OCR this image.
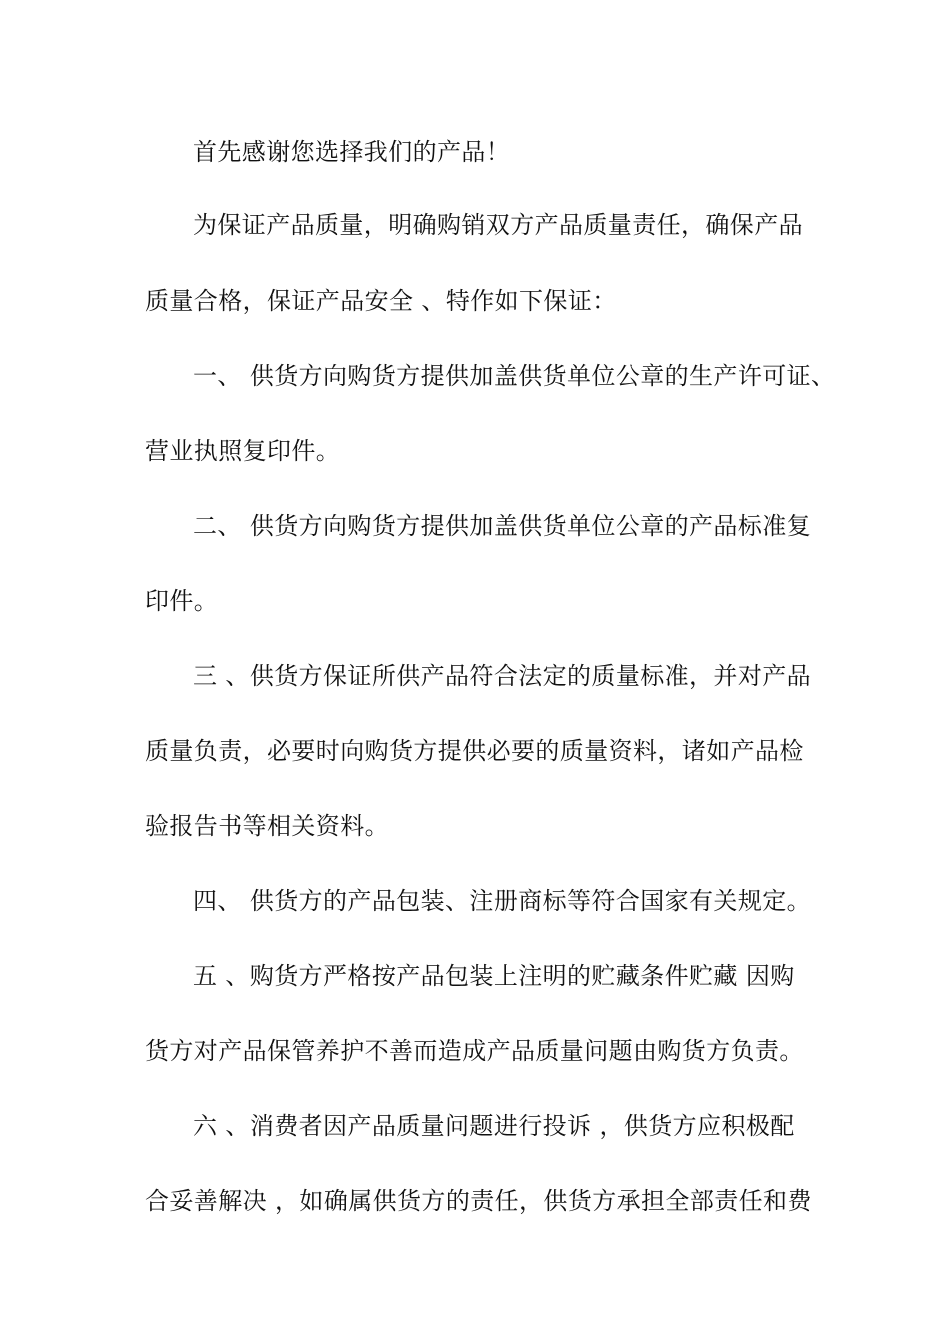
首先感谢您选择我们的产品！
为保证产品质量，明确购销双方产品质量责任，确保产品
质量合格，保证产品安全 、特作如下保证：
一、 供货方向购货方提供加盖供货单位公章的生产许可证、
营业执照复印件。
二、 供货方向购货方提供加盖供货单位公章的产品标准复
印件。
三 、供货方保证所供产品符合法定的质量标准，并对产品
质量负责，必要时向购货方提供必要的质量资料，诸如产品检
验报告书等相关资料。
四、 供货方的产品包装、注册商标等符合国家有关规定。
五 、购货方严格按产品包装上注明的贮藏条件贮藏 因购
货方对产品保管养护不善而造成产品质量问题由购货方负责。
六 、消费者因产品质量问题进行投诉 ，供货方应积极配
合妥善解决 ，如确属供货方的责任，供货方承担全部责任和费
